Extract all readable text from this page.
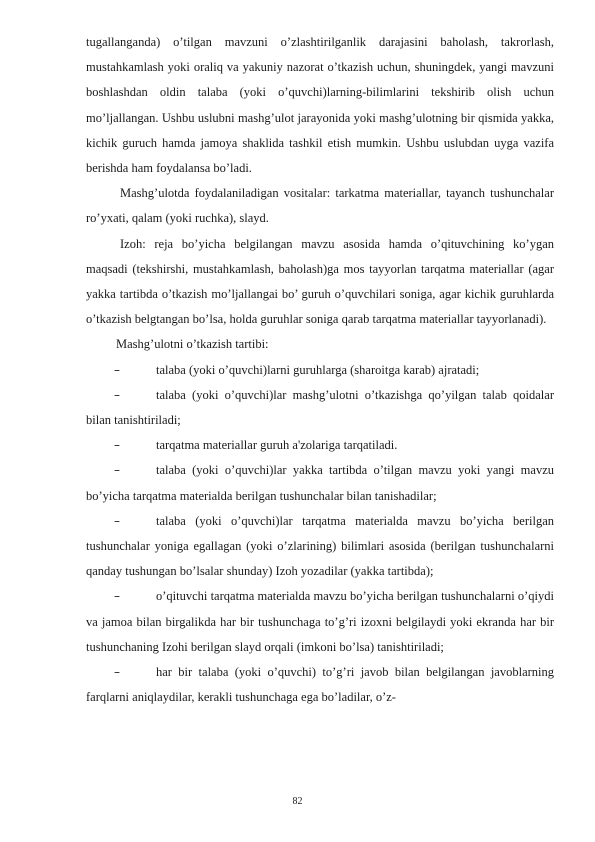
tugallanganda) o’tilgan mavzuni o’zlashtirilganlik darajasini baholash, takrorlash, mustahkamlash yoki oraliq va yakuniy nazorat o’tkazish uchun, shuningdek, yangi mavzuni boshlashdan oldin talaba (yoki o’quvchi)larning-bilimlarini tekshirib olish uchun mo’ljallangan. Ushbu uslubni mashg’ulot jarayonida yoki mashg’ulotning bir qismida yakka, kichik guruch hamda jamoya shaklida tashkil etish mumkin. Ushbu uslubdan uyga vazifa berishda ham foydalansa bo’ladi.

Mashg’ulotda foydalaniladigan vositalar: tarkatma materiallar, tayanch tushunchalar ro’yxati, qalam (yoki ruchka), slayd.

Izoh: reja bo’yicha belgilangan mavzu asosida hamda o’qituvchining ko’ygan maqsadi (tekshirshi, mustahkamlash, baholash)ga mos tayyorlan tarqatma materiallar (agar yakka tartibda o’tkazish mo’ljallangai bo’ guruh o’quvchilari soniga, agar kichik guruhlarda o’tkazish belgtangan bo’lsa, holda guruhlar soniga qarab tarqatma materiallar tayyorlanadi).

Mashg’ulotni o’tkazish tartibi:

–	talaba (yoki o’quvchi)larni guruhlarga (sharoitga karab) ajratadi;

–	talaba (yoki o’quvchi)lar mashg’ulotni o’tkazishga qo’yilgan talab qoidalar bilan tanishtiriladi;

–	tarqatma materiallar guruh a'zolariga tarqatiladi.

–	talaba (yoki o’quvchi)lar yakka tartibda o’tilgan mavzu yoki yangi mavzu bo’yicha tarqatma materialda berilgan tushunchalar bilan tanishadilar;

–	talaba (yoki o’quvchi)lar tarqatma materialda mavzu bo’yicha berilgan tushunchalar yoniga egallagan (yoki o’zlarining) bilimlari asosida (berilgan tushunchalarni qanday tushungan bo’lsalar shunday) Izoh yozadilar (yakka tartibda);

–	o’qituvchi tarqatma materialda mavzu bo’yicha berilgan tushunchalarni o’qiydi va jamoa bilan birgalikda har bir tushunchaga to’g’ri izoxni belgilaydi yoki ekranda har bir tushunchaning Izohi berilgan slayd orqali (imkoni bo’lsa) tanishtiriladi;

–	har bir talaba (yoki o’quvchi) to’g’ri javob bilan belgilangan javoblarning farqlarni aniqlaydilar, kerakli tushunchaga ega bo’ladilar, o’z-

82
